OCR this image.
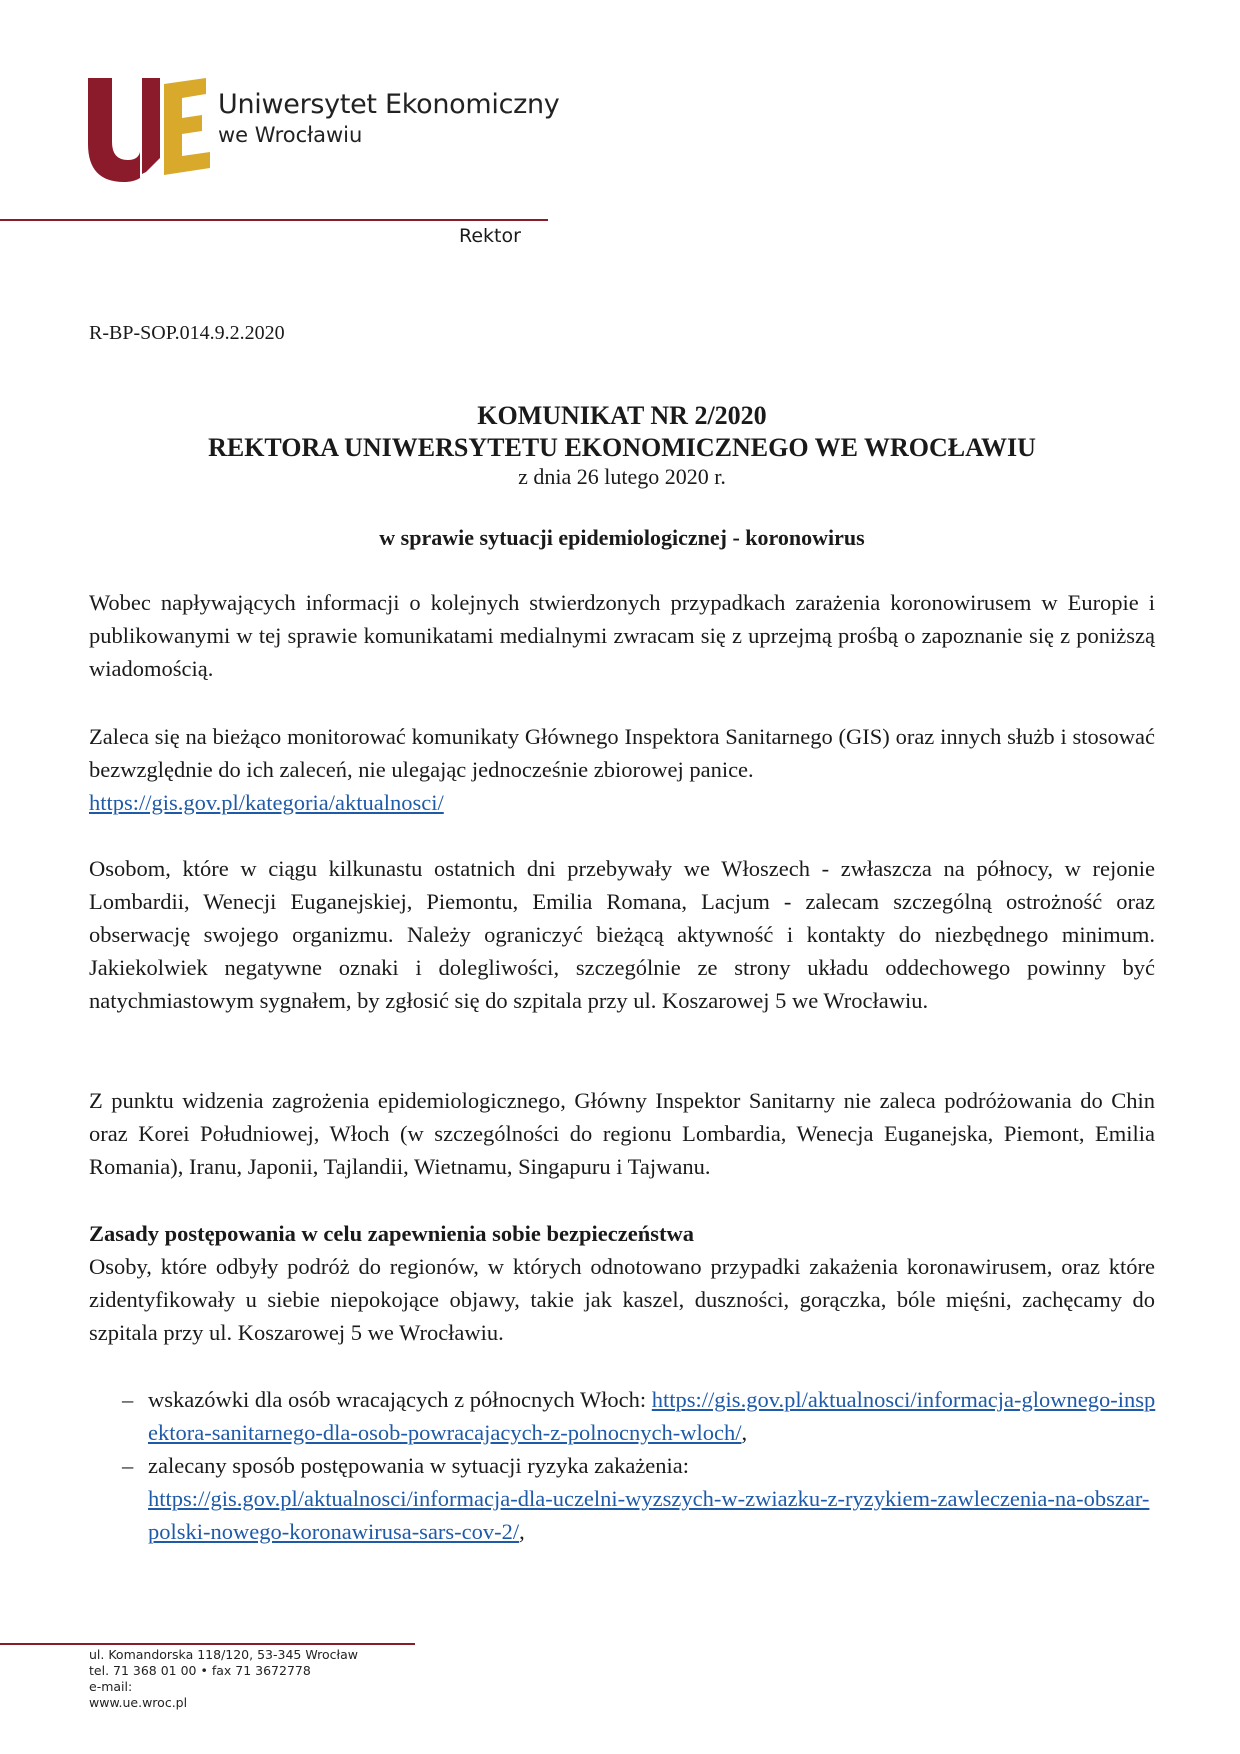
Uniwersytet Ekonomiczny
we Wrocławiu
Rektor
R-BP-SOP.014.9.2.2020
KOMUNIKAT NR 2/2020
REKTORA UNIWERSYTETU EKONOMICZNEGO WE WROCŁAWIU
z dnia 26 lutego 2020 r.
w sprawie sytuacji epidemiologicznej - koronowirus

Wobec napływających informacji o kolejnych stwierdzonych przypadkach zarażenia koronowirusem w Europie i publikowanymi w tej sprawie komunikatami medialnymi zwracam się z uprzejmą prośbą o zapoznanie się z poniższą wiadomością.

Zaleca się na bieżąco monitorować komunikaty Głównego Inspektora Sanitarnego (GIS) oraz innych służb i stosować bezwzględnie do ich zaleceń, nie ulegając jednocześnie zbiorowej panice.
https://gis.gov.pl/kategoria/aktualnosci/

Osobom, które w ciągu kilkunastu ostatnich dni przebywały we Włoszech - zwłaszcza na północy, w rejonie Lombardii, Wenecji Euganejskiej, Piemontu, Emilia Romana, Lacjum - zalecam szczególną ostrożność oraz obserwację swojego organizmu. Należy ograniczyć bieżącą aktywność i kontakty do niezbędnego minimum. Jakiekolwiek negatywne oznaki i dolegliwości, szczególnie ze strony układu oddechowego powinny być natychmiastowym sygnałem, by zgłosić się do szpitala przy ul. Koszarowej 5 we Wrocławiu.

Z punktu widzenia zagrożenia epidemiologicznego, Główny Inspektor Sanitarny nie zaleca podróżowania do Chin oraz Korei Południowej, Włoch (w szczególności do regionu Lombardia, Wenecja Euganejska, Piemont, Emilia Romania), Iranu, Japonii, Tajlandii, Wietnamu, Singapuru i Tajwanu.

Zasady postępowania w celu zapewnienia sobie bezpieczeństwa
Osoby, które odbyły podróż do regionów, w których odnotowano przypadki zakażenia koronawirusem, oraz które zidentyfikowały u siebie niepokojące objawy, takie jak kaszel, duszności, gorączka, bóle mięśni, zachęcamy do szpitala przy ul. Koszarowej 5 we Wrocławiu.

– wskazówki dla osób wracających z północnych Włoch: https://gis.gov.pl/aktualnosci/informacja-glownego-inspektora-sanitarnego-dla-osob-powracajacych-z-polnocnych-wloch/,
– zalecany sposób postępowania w sytuacji ryzyka zakażenia:
https://gis.gov.pl/aktualnosci/informacja-dla-uczelni-wyzszych-w-zwiazku-z-ryzykiem-zawleczenia-na-obszar-polski-nowego-koronawirusa-sars-cov-2/,
ul. Komandorska 118/120, 53-345 Wrocław
tel. 71 368 01 00 • fax 71 3672778
e-mail:
www.ue.wroc.pl
